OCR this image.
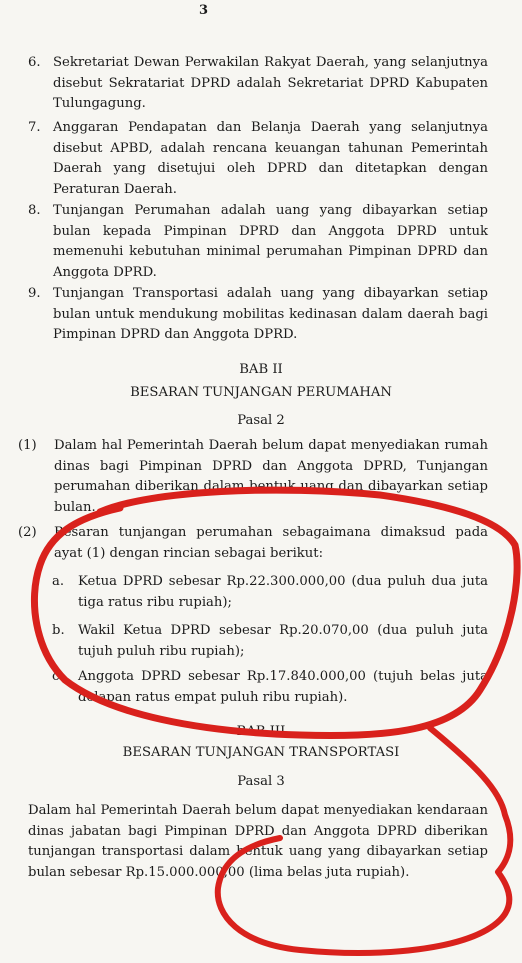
3
6. Sekretariat Dewan Perwakilan Rakyat Daerah, yang selanjutnya disebut Sekratariat DPRD adalah Sekretariat DPRD Kabupaten Tulungagung.
7. Anggaran Pendapatan dan Belanja Daerah yang selanjutnya disebut APBD, adalah rencana keuangan tahunan Pemerintah Daerah yang disetujui oleh DPRD dan ditetapkan dengan Peraturan Daerah.
8. Tunjangan Perumahan adalah uang yang dibayarkan setiap bulan kepada Pimpinan DPRD dan Anggota DPRD untuk memenuhi kebutuhan minimal perumahan Pimpinan DPRD dan Anggota DPRD.
9. Tunjangan Transportasi adalah uang yang dibayarkan setiap bulan untuk mendukung mobilitas kedinasan dalam daerah bagi Pimpinan DPRD dan Anggota DPRD.
BAB II
BESARAN TUNJANGAN PERUMAHAN
Pasal 2
(1)	Dalam hal Pemerintah Daerah belum dapat menyediakan rumah dinas bagi Pimpinan DPRD dan Anggota DPRD, Tunjangan perumahan diberikan dalam bentuk uang dan dibayarkan setiap bulan.
(2)	Besaran tunjangan perumahan sebagaimana dimaksud pada ayat (1) dengan rincian sebagai berikut:
a.	Ketua DPRD sebesar Rp.22.300.000,00 (dua puluh dua juta tiga ratus ribu rupiah);
b.	Wakil Ketua DPRD sebesar Rp.20.070,00 (dua puluh juta tujuh puluh ribu rupiah);
c.	Anggota DPRD sebesar Rp.17.840.000,00 (tujuh belas juta delapan ratus empat puluh ribu rupiah).
BAB III
BESARAN TUNJANGAN TRANSPORTASI
Pasal 3
Dalam hal Pemerintah Daerah belum dapat menyediakan kendaraan dinas jabatan bagi Pimpinan DPRD dan Anggota DPRD diberikan tunjangan transportasi dalam bentuk uang yang dibayarkan setiap bulan sebesar Rp.15.000.000,00 (lima belas juta rupiah).
